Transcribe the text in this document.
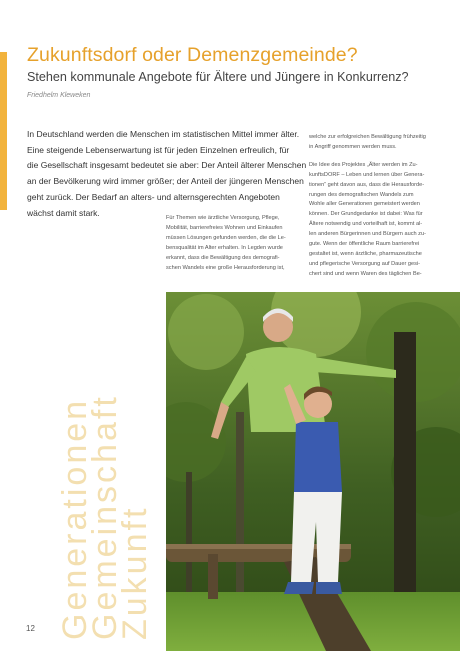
Zukunftsdorf oder Demenzgemeinde?
Stehen kommunale Angebote für Ältere und Jüngere in Konkurrenz?
Friedhelm Kleweken

In Deutschland werden die Menschen im statistischen Mittel immer älter.
Eine steigende Lebenserwartung ist für jeden Einzelnen erfreulich, für
die Gesellschaft insgesamt bedeutet sie aber: Der Anteil älterer Menschen
an der Bevölkerung wird immer größer; der Anteil der jüngeren Menschen
geht zurück. Der Bedarf an alters- und alternsgerechten Angeboten
wächst damit stark.

Für Themen wie ärztliche Versorgung, Pflege,
Mobilität, barrierefreies Wohnen und Einkaufen
müssen Lösungen gefunden werden, die die Le-
bensqualität im Alter erhalten. In Legden wurde
erkannt, dass die Bewältigung des demografi-
schen Wandels eine große Herausforderung ist,

welche zur erfolgreichen Bewältigung frühzeitig
in Angriff genommen werden muss.
Die Idee des Projektes „Älter werden im Zu-
kunftsDORF – Leben und lernen über Genera-
tionen“ geht davon aus, dass die Herausforde-
rungen des demografischen Wandels zum
Wohle aller Generationen gemeistert werden
können. Der Grundgedanke ist dabei: Was für
Ältere notwendig und vorteilhaft ist, kommt al-
len anderen Bürgerinnen und Bürgern auch zu-
gute. Wenn der öffentliche Raum barrierefrei
gestaltet ist, wenn ärztliche, pharmazeutische
und pflegerische Versorgung auf Dauer gesi-
chert sind und wenn Waren des täglichen Be-

Generationen
Gemeinschaft
Zukunft
12
